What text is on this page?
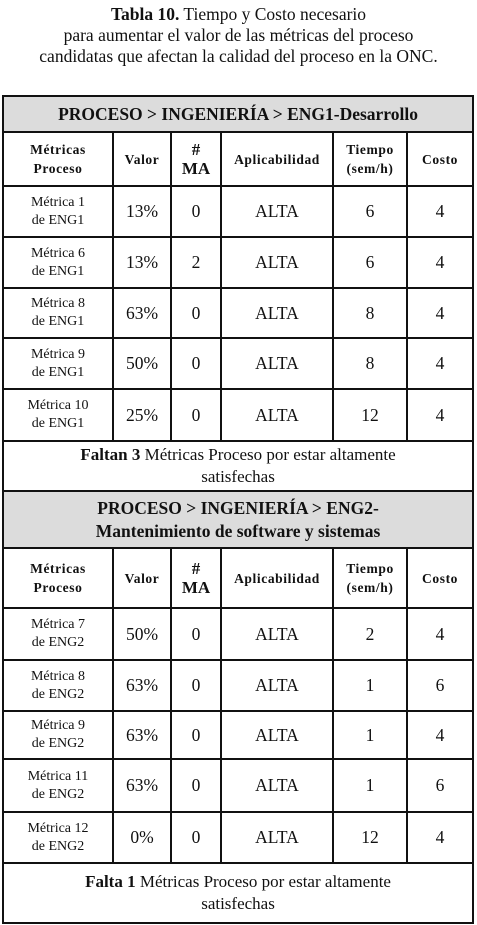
Tabla 10. Tiempo y Costo necesario
para aumentar el valor de las métricas del proceso
candidatas que afectan la calidad del proceso en la ONC.
PROCESO > INGENIERÍA > ENG1-Desarrollo					

Métricas
Proceso	Valor	#
MA	Aplicabilidad	Tiempo
(sem/h)	Costo

Métrica 1
de ENG1	13%	0	ALTA	6	4

Métrica 6
de ENG1	13%	2	ALTA	6	4

Métrica 8
de ENG1	63%	0	ALTA	8	4

Métrica 9
de ENG1	50%	0	ALTA	8	4

Métrica 10
de ENG1	25%	0	ALTA	12	4

Faltan 3 Métricas Proceso por estar altamente
satisfechas					

PROCESO > INGENIERÍA > ENG2-
Mantenimiento de software y sistemas					

Métricas
Proceso	Valor	#
MA	Aplicabilidad	Tiempo
(sem/h)	Costo

Métrica 7
de ENG2	50%	0	ALTA	2	4

Métrica 8
de ENG2	63%	0	ALTA	1	6

Métrica 9
de ENG2	63%	0	ALTA	1	4

Métrica 11
de ENG2	63%	0	ALTA	1	6

Métrica 12
de ENG2	0%	0	ALTA	12	4

Falta 1 Métricas Proceso por estar altamente
satisfechas					
